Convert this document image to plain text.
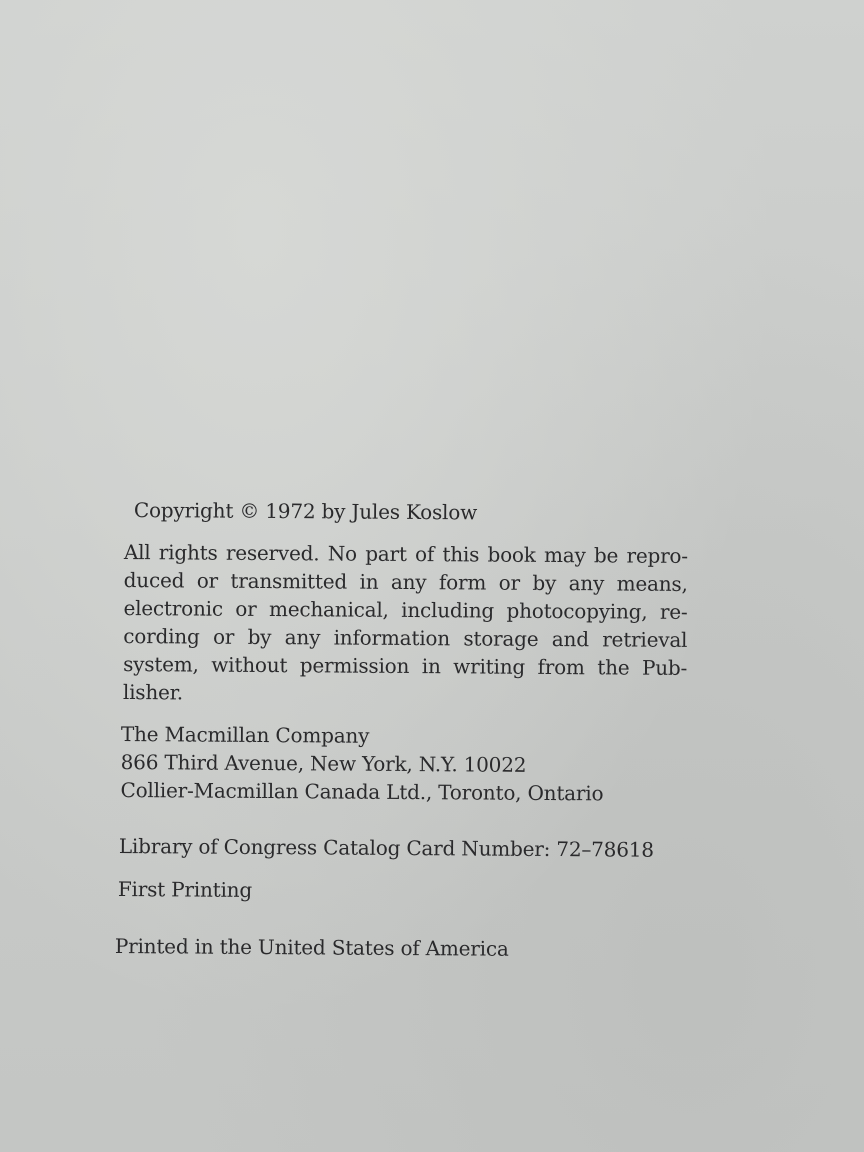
Copyright © 1972 by Jules Koslow
All rights reserved. No part of this book may be repro-
duced or transmitted in any form or by any means,
electronic or mechanical, including photocopying, re-
cording or by any information storage and retrieval
system, without permission in writing from the Pub-
lisher.
The Macmillan Company
866 Third Avenue, New York, N.Y. 10022
Collier-Macmillan Canada Ltd., Toronto, Ontario
Library of Congress Catalog Card Number: 72–78618
First Printing
Printed in the United States of America
